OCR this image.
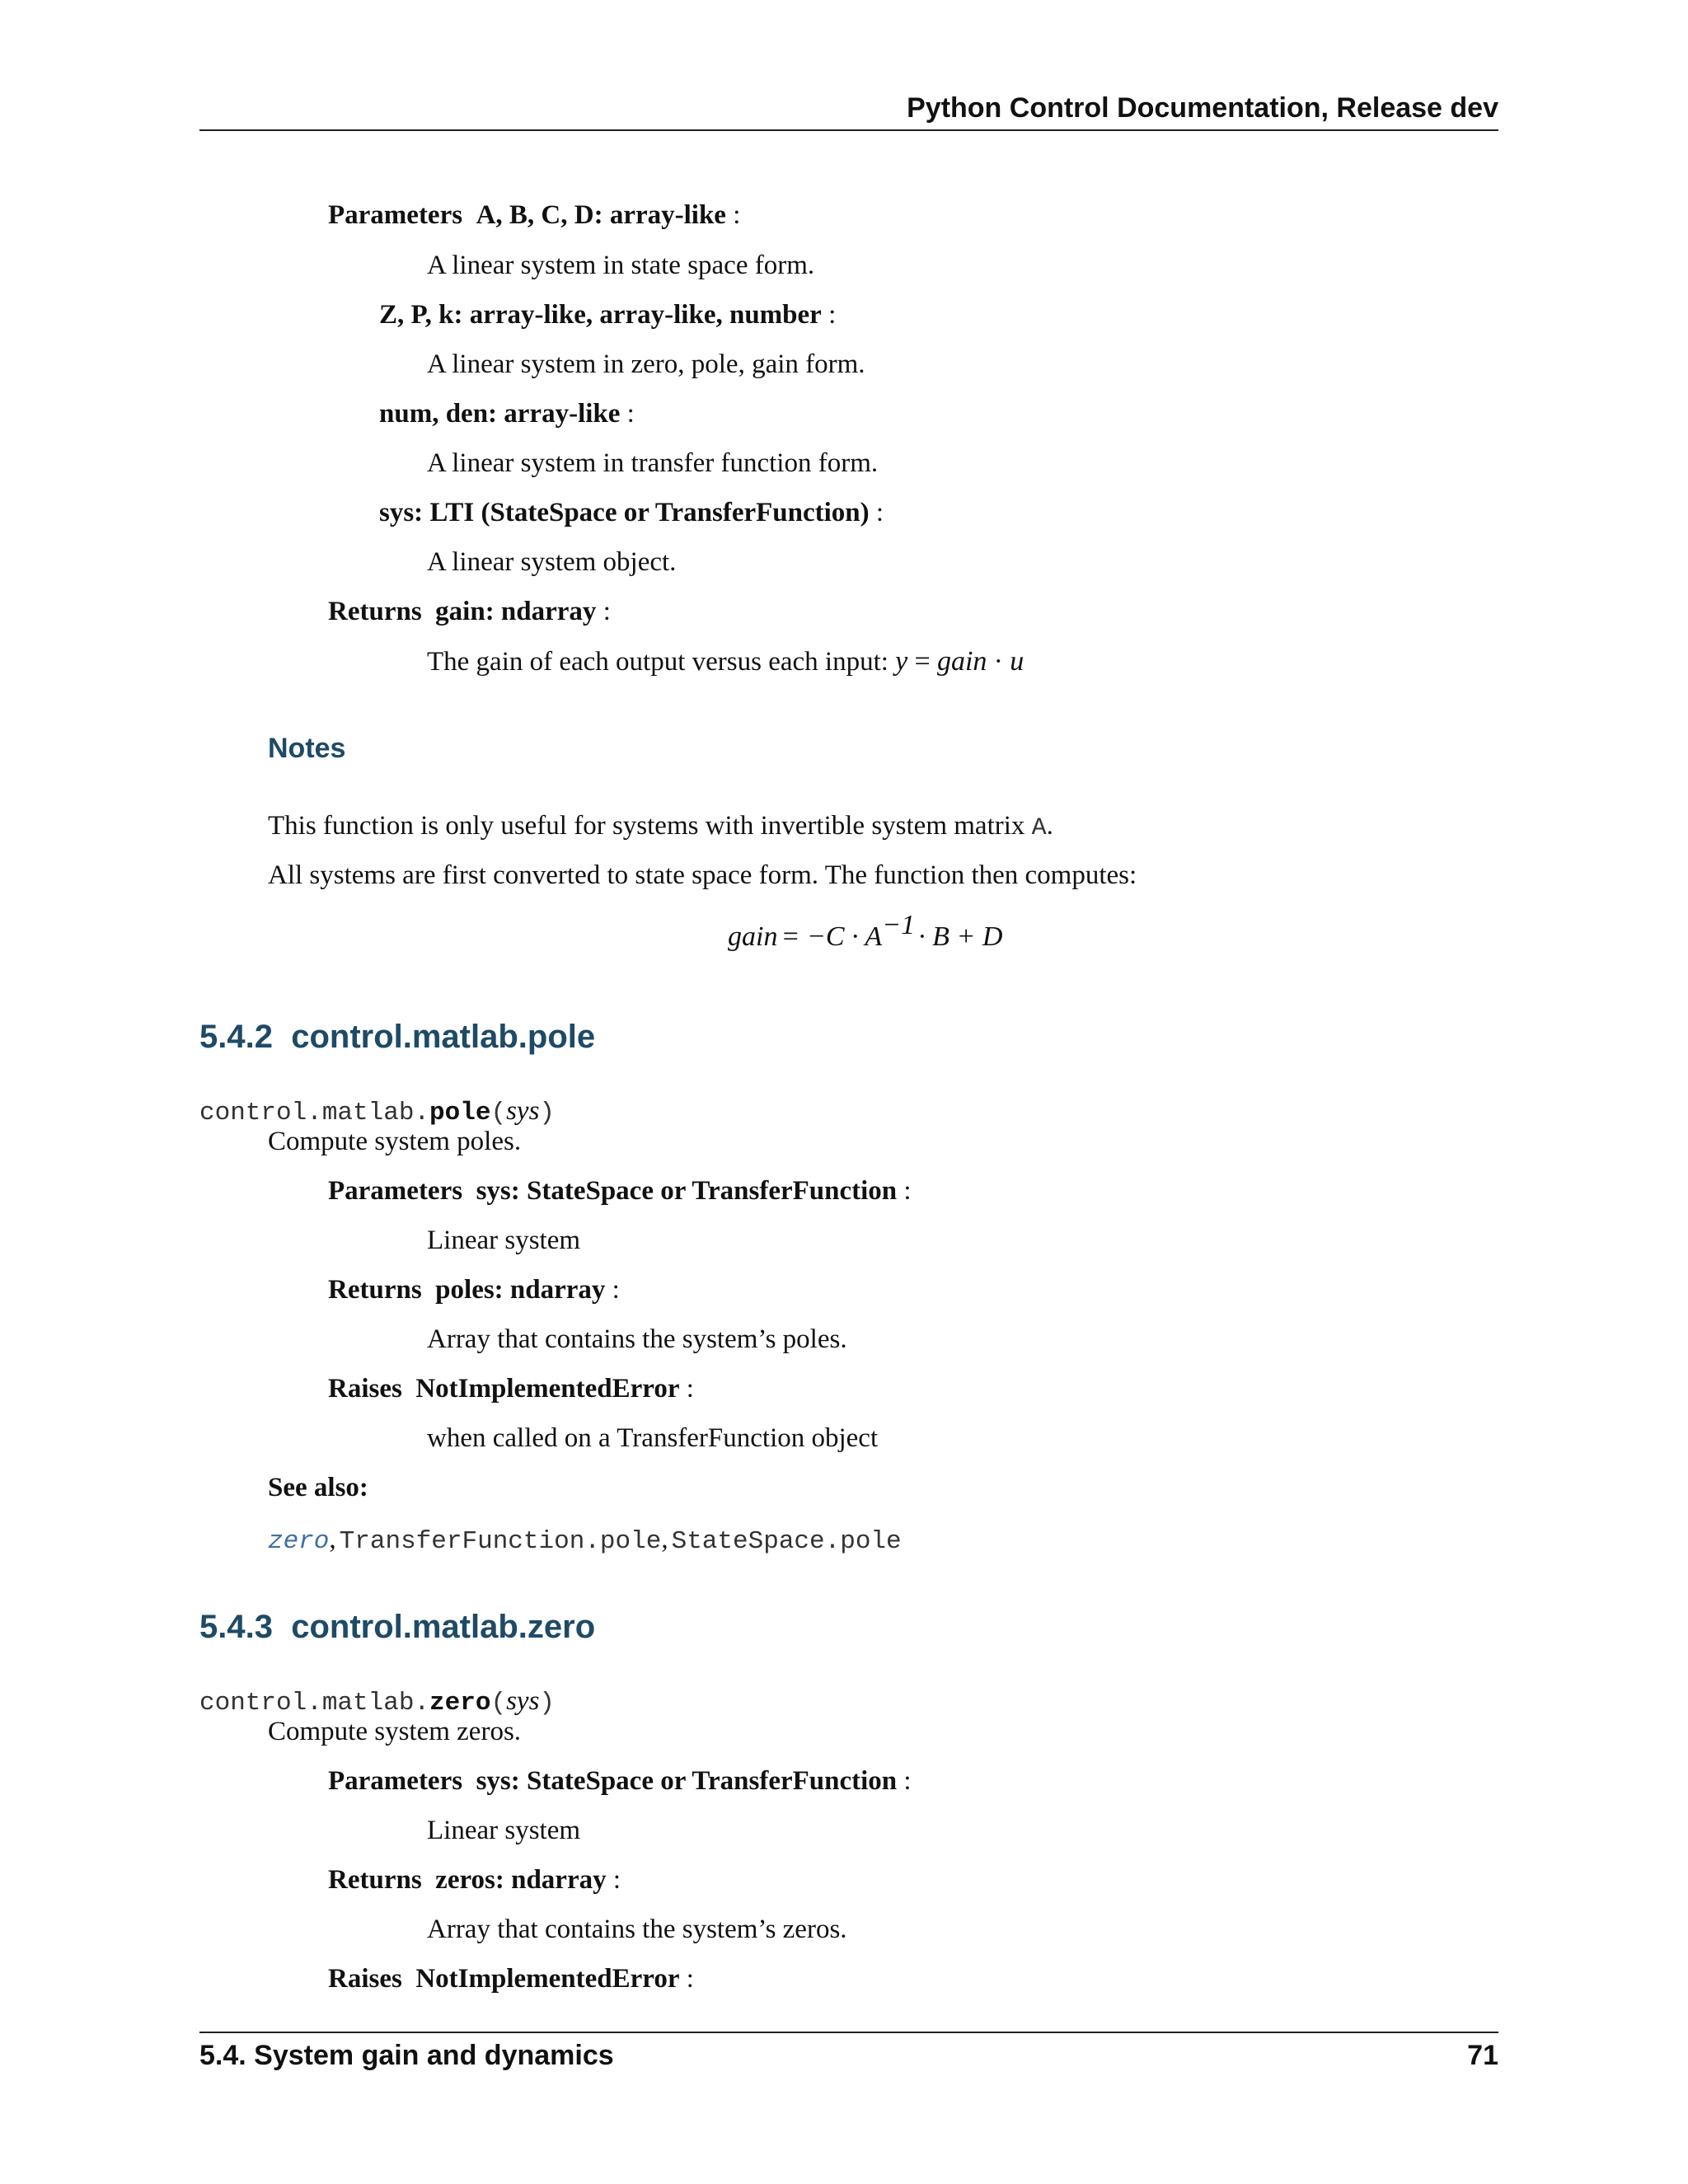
Python Control Documentation, Release dev
Parameters A, B, C, D: array-like :
A linear system in state space form.
Z, P, k: array-like, array-like, number :
A linear system in zero, pole, gain form.
num, den: array-like :
A linear system in transfer function form.
sys: LTI (StateSpace or TransferFunction) :
A linear system object.
Returns gain: ndarray :
The gain of each output versus each input: y = gain · u
Notes
This function is only useful for systems with invertible system matrix A.
All systems are first converted to state space form. The function then computes:
gain = $-C \cdot A^{-1} \cdot B + D$
5.4.2 control.matlab.pole
control.matlab.pole(sys)
Compute system poles.
Parameters sys: StateSpace or TransferFunction :
Linear system
Returns poles: ndarray :
Array that contains the system’s poles.
Raises NotImplementedError :
when called on a TransferFunction object
See also:
zero, TransferFunction.pole, StateSpace.pole
5.4.3 control.matlab.zero
control.matlab.zero(sys)
Compute system zeros.
Parameters sys: StateSpace or TransferFunction :
Linear system
Returns zeros: ndarray :
Array that contains the system’s zeros.
Raises NotImplementedError :
5.4. System gain and dynamics	71
